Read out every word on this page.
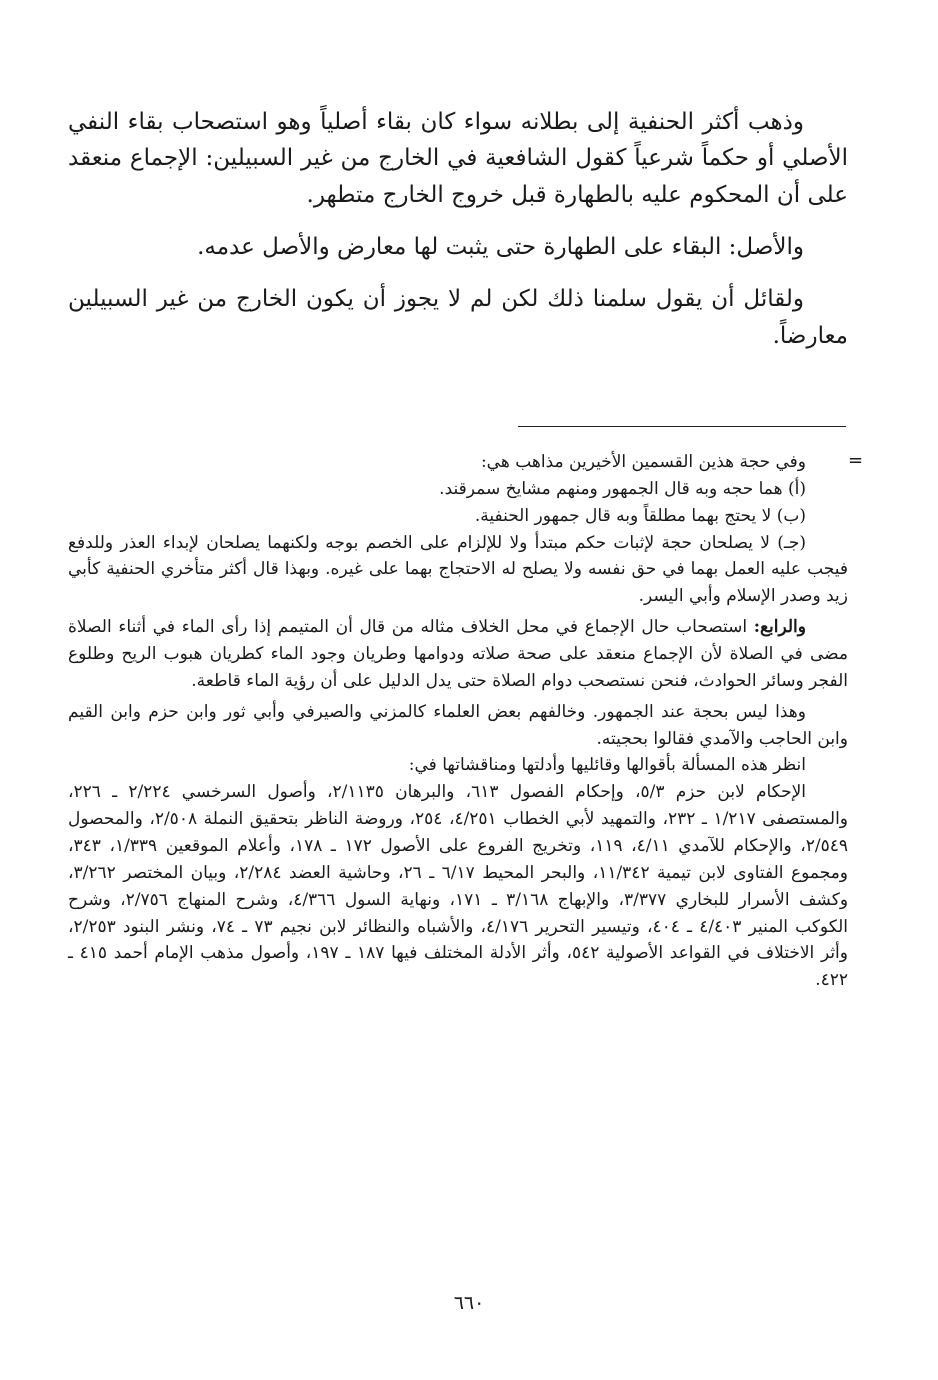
وذهب أكثر الحنفية إلى بطلانه سواء كان بقاء أصلياً وهو استصحاب بقاء النفي الأصلي أو حكماً شرعياً كقول الشافعية في الخارج من غير السبيلين: الإجماع منعقد على أن المحكوم عليه بالطهارة قبل خروج الخارج متطهر.

والأصل: البقاء على الطهارة حتى يثبت لها معارض والأصل عدمه.

ولقائل أن يقول سلمنا ذلك لكن لم لا يجوز أن يكون الخارج من غير السبيلين معارضاً.

=

وفي حجة هذين القسمين الأخيرين مذاهب هي:

(أ) هما حجه وبه قال الجمهور ومنهم مشايخ سمرقند.

(ب) لا يحتج بهما مطلقاً وبه قال جمهور الحنفية.

(جـ) لا يصلحان حجة لإثبات حكم مبتدأ ولا للإلزام على الخصم بوجه ولكنهما يصلحان لإبداء العذر وللدفع فيجب عليه العمل بهما في حق نفسه ولا يصلح له الاحتجاج بهما على غيره. وبهذا قال أكثر متأخري الحنفية كأبي زيد وصدر الإسلام وأبي اليسر.

والرابع: استصحاب حال الإجماع في محل الخلاف مثاله من قال أن المتيمم إذا رأى الماء في أثناء الصلاة مضى في الصلاة لأن الإجماع منعقد على صحة صلاته ودوامها وطريان وجود الماء كطريان هبوب الريح وطلوع الفجر وسائر الحوادث، فنحن نستصحب دوام الصلاة حتى يدل الدليل على أن رؤية الماء قاطعة.

وهذا ليس بحجة عند الجمهور. وخالفهم بعض العلماء كالمزني والصيرفي وأبي ثور وابن حزم وابن القيم وابن الحاجب والآمدي فقالوا بحجيته.

انظر هذه المسألة بأقوالها وقائليها وأدلتها ومناقشاتها في:

الإحكام لابن حزم ٥/٣، وإحكام الفصول ٦١٣، والبرهان ٢/١١٣٥، وأصول السرخسي ٢/٢٢٤ ـ ٢٢٦، والمستصفى ١/٢١٧ ـ ٢٣٢، والتمهيد لأبي الخطاب ٤/٢٥١، ٢٥٤، وروضة الناظر بتحقيق النملة ٢/٥٠٨، والمحصول ٢/٥٤٩، والإحكام للآمدي ٤/١١، ١١٩، وتخريج الفروع على الأصول ١٧٢ ـ ١٧٨، وأعلام الموقعين ١/٣٣٩، ٣٤٣، ومجموع الفتاوى لابن تيمية ١١/٣٤٢، والبحر المحيط ٦/١٧ ـ ٢٦، وحاشية العضد ٢/٢٨٤، وبيان المختصر ٣/٢٦٢، وكشف الأسرار للبخاري ٣/٣٧٧، والإبهاج ٣/١٦٨ ـ ١٧١، ونهاية السول ٤/٣٦٦، وشرح المنهاج ٢/٧٥٦، وشرح الكوكب المنير ٤/٤٠٣ ـ ٤٠٤، وتيسير التحرير ٤/١٧٦، والأشباه والنظائر لابن نجيم ٧٣ ـ ٧٤، ونشر البنود ٢/٢٥٣، وأثر الاختلاف في القواعد الأصولية ٥٤٢، وأثر الأدلة المختلف فيها ١٨٧ ـ ١٩٧، وأصول مذهب الإمام أحمد ٤١٥ ـ ٤٢٢.

٦٦٠
